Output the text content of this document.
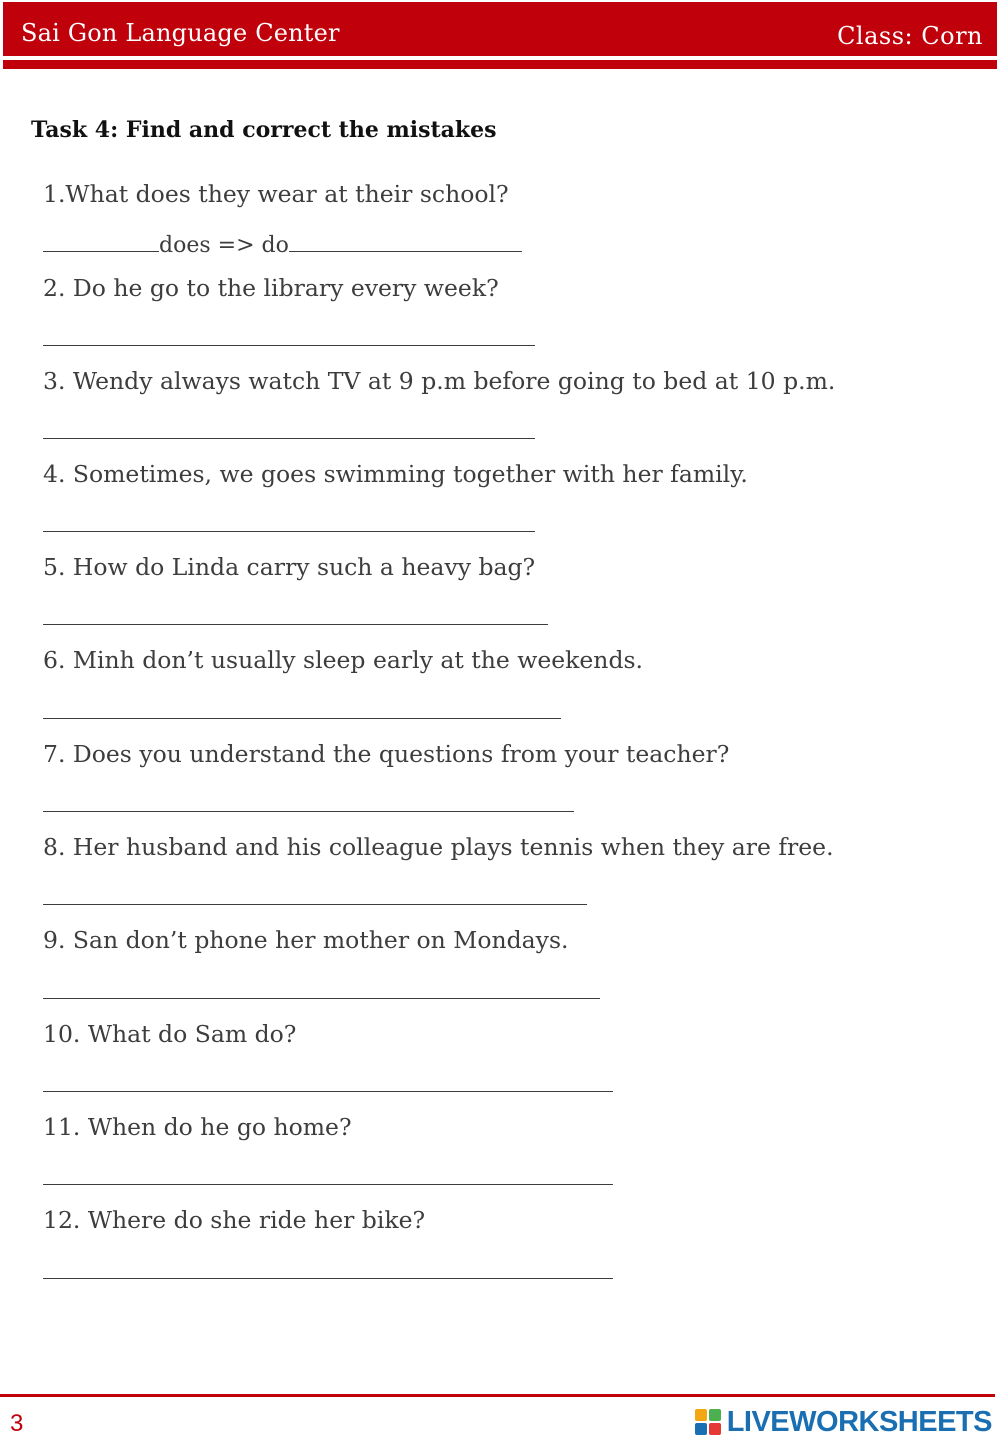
Sai Gon Language Center	Class: Corn
Task 4: Find and correct the mistakes
1.What does they wear at their school?
does => do
2. Do he go to the library every week?
3. Wendy always watch TV at 9 p.m before going to bed at 10 p.m.
4. Sometimes, we goes swimming together with her family.
5. How do Linda carry such a heavy bag?
6. Minh don’t usually sleep early at the weekends.
7. Does you understand the questions from your teacher?
8. Her husband and his colleague plays tennis when they are free.
9. San don’t phone her mother on Mondays.
10. What do Sam do?
11. When do he go home?
12. Where do she ride her bike?
3	LIVEWORKSHEETS
